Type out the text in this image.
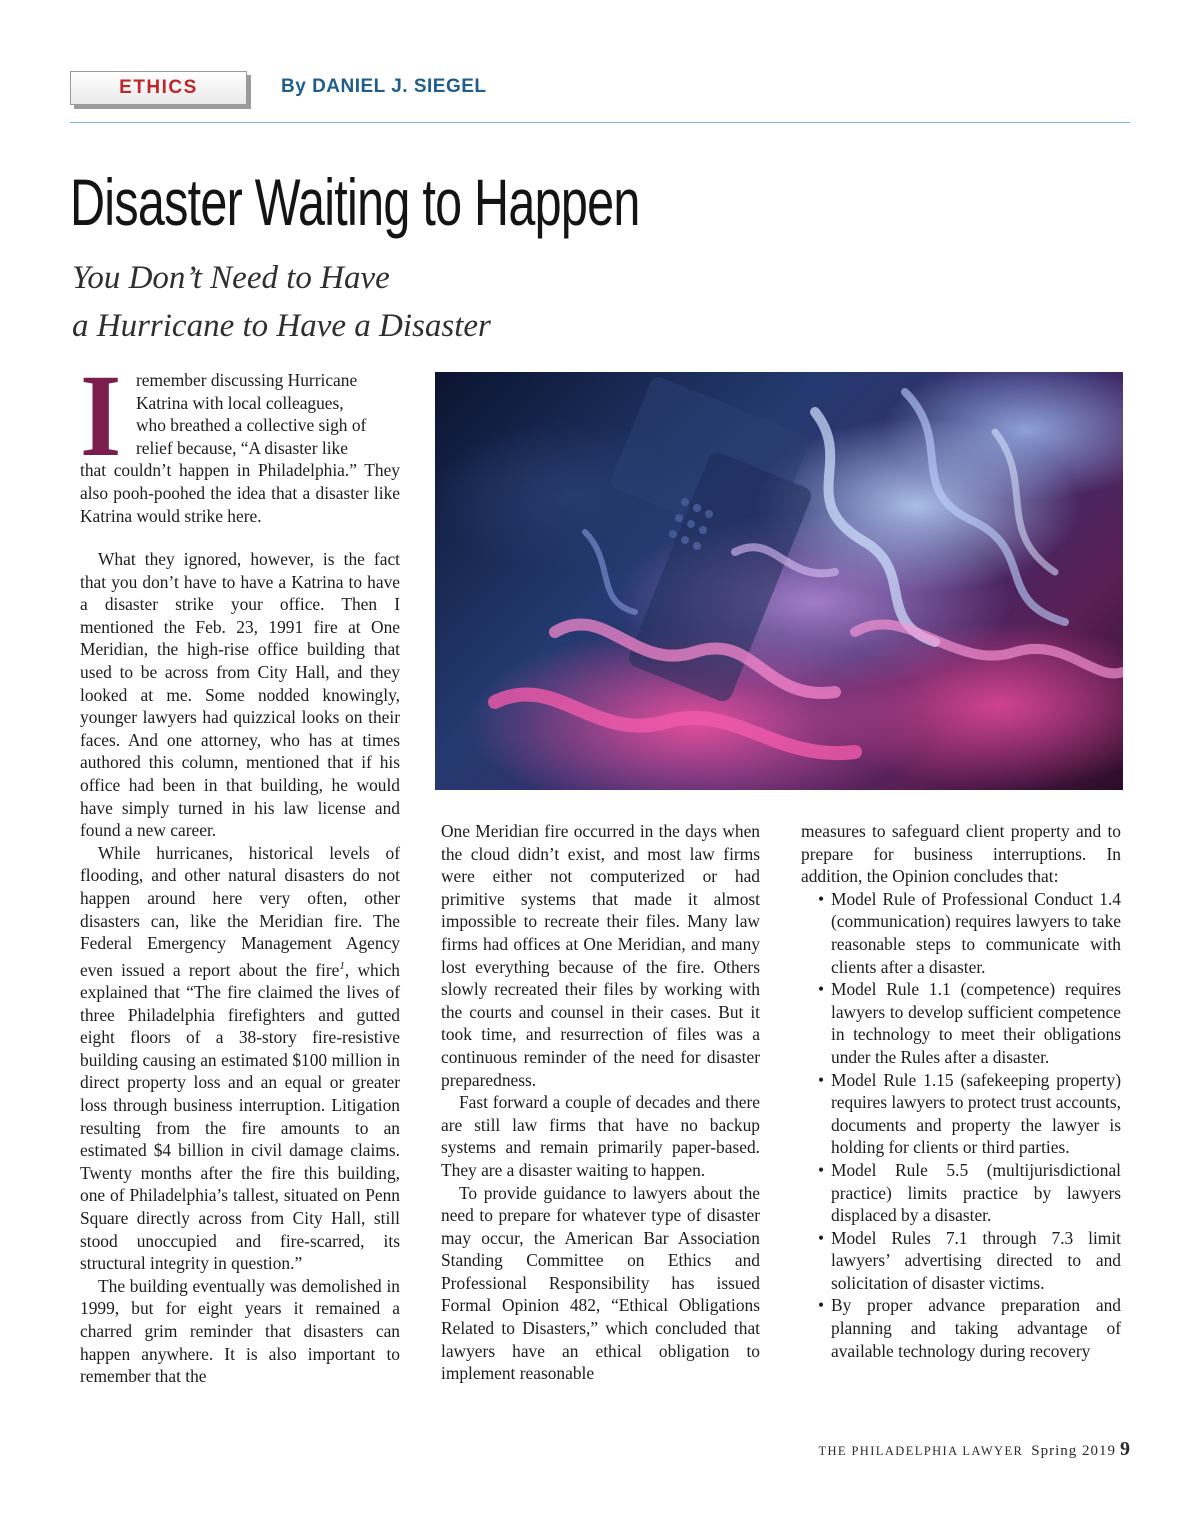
ETHICS	By DANIEL J. SIEGEL
Disaster Waiting to Happen
You Don’t Need to Have
a Hurricane to Have a Disaster
I remember discussing Hurricane

Katrina with local colleagues,

who breathed a collective sigh of

relief because, “A disaster like

that couldn’t happen in Philadelphia.” They also pooh-poohed the idea that a disaster like Katrina would strike here.

What they ignored, however, is the fact that you don’t have to have a Katrina to have a disaster strike your office. Then I mentioned the Feb. 23, 1991 fire at One Meridian, the high-rise office building that used to be across from City Hall, and they looked at me. Some nodded knowingly, younger lawyers had quizzical looks on their faces. And one attorney, who has at times authored this column, mentioned that if his office had been in that building, he would have simply turned in his law license and found a new career.

While hurricanes, historical levels of flooding, and other natural disasters do not happen around here very often, other disasters can, like the Meridian fire. The Federal Emergency Management Agency even issued a report about the fire$^1$, which explained that “The fire claimed the lives of three Philadelphia firefighters and gutted eight floors of a 38-story fire-resistive building causing an estimated $100 million in direct property loss and an equal or greater loss through business interruption. Litigation resulting from the fire amounts to an estimated $4 billion in civil damage claims. Twenty months after the fire this building, one of Philadelphia’s tallest, situated on Penn Square directly across from City Hall, still stood unoccupied and fire-scarred, its structural integrity in question.”

The building eventually was demolished in 1999, but for eight years it remained a charred grim reminder that disasters can happen anywhere. It is also important to remember that the

One Meridian fire occurred in the days when the cloud didn’t exist, and most law firms were either not computerized or had primitive systems that made it almost impossible to recreate their files. Many law firms had offices at One Meridian, and many lost everything because of the fire. Others slowly recreated their files by working with the courts and counsel in their cases. But it took time, and resurrection of files was a continuous reminder of the need for disaster preparedness.

Fast forward a couple of decades and there are still law firms that have no backup systems and remain primarily paper-based. They are a disaster waiting to happen.

To provide guidance to lawyers about the need to prepare for whatever type of disaster may occur, the American Bar Association Standing Committee on Ethics and Professional Responsibility has issued Formal Opinion 482, “Ethical Obligations Related to Disasters,” which concluded that lawyers have an ethical obligation to implement reasonable

measures to safeguard client property and to prepare for business interruptions. In addition, the Opinion concludes that:

• Model Rule of Professional Conduct 1.4 (communication) requires lawyers to take reasonable steps to communicate with clients after a disaster.
• Model Rule 1.1 (competence) requires lawyers to develop sufficient competence in technology to meet their obligations under the Rules after a disaster.
• Model Rule 1.15 (safekeeping property) requires lawyers to protect trust accounts, documents and property the lawyer is holding for clients or third parties.
• Model Rule 5.5 (multijurisdictional practice) limits practice by lawyers displaced by a disaster.
• Model Rules 7.1 through 7.3 limit lawyers’ advertising directed to and solicitation of disaster victims.
• By proper advance preparation and planning and taking advantage of available technology during recovery
THE PHILADELPHIA LAWYER Spring 2019 9
